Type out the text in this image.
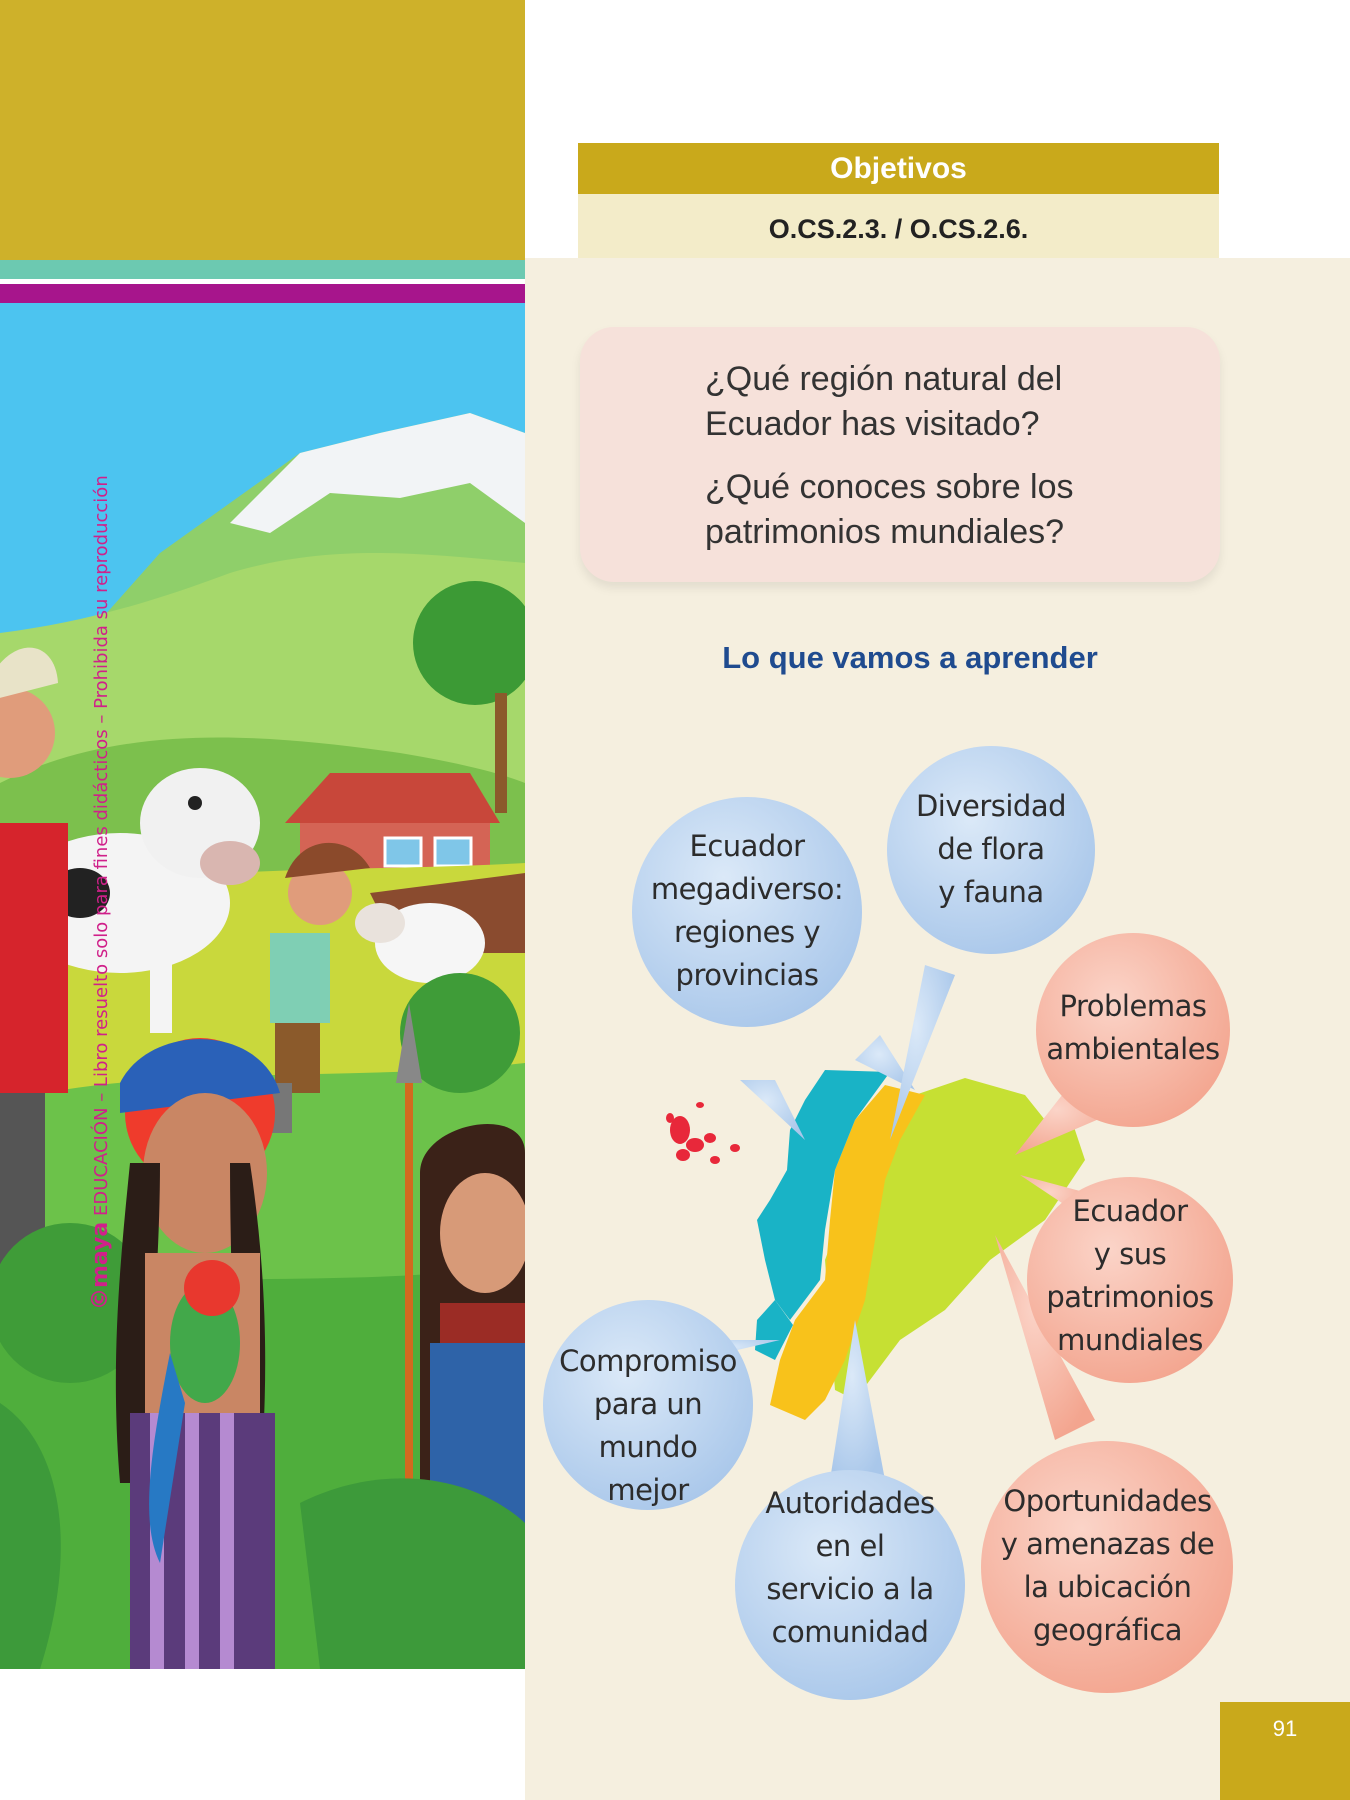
©maya EDUCACIÓN – Libro resuelto solo para fines didácticos – Prohibida su reproducción
Objetivos
O.CS.2.3. / O.CS.2.6.
¿Qué región natural del Ecuador has visitado?
¿Qué conoces sobre los patrimonios mundiales?
Lo que vamos a aprender
Ecuador
megadiverso:
regiones y
provincias
Diversidad
de flora
y fauna
Problemas
ambientales
Ecuador
y sus
patrimonios
mundiales
Oportunidades
y amenazas de
la ubicación
geográfica
Autoridades
en el
servicio a la
comunidad
Compromiso
para un
mundo
mejor
91
